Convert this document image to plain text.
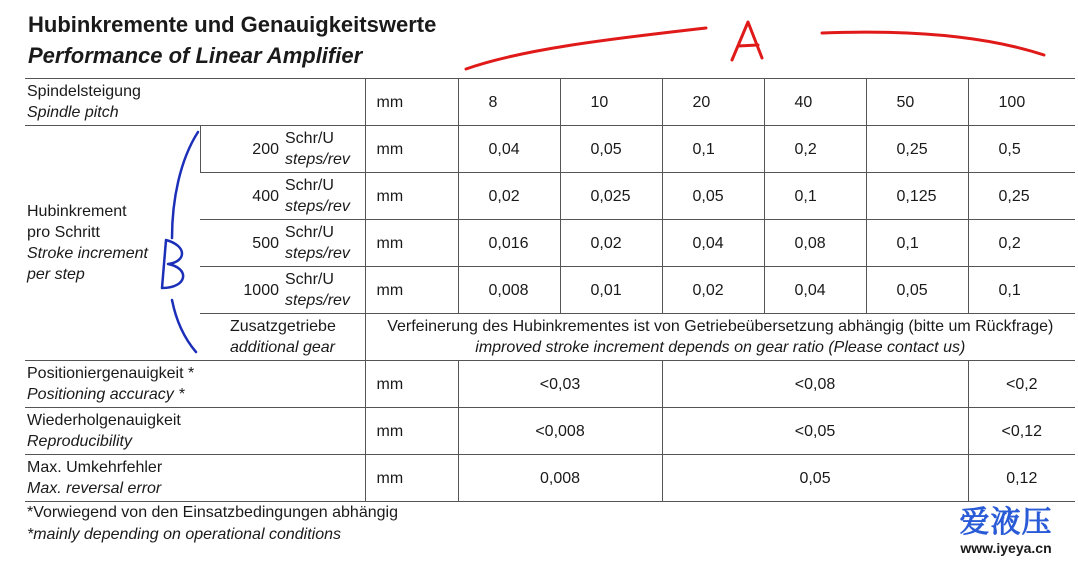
Hubinkremente und Genauigkeitswerte
Performance of Linear Amplifier
Spindelsteigung
Spindle pitch			mm	8	10	20	40	50	100

Hubinkrement
pro Schritt
Stroke increment
per step	200	Schr/U
steps/rev	mm	0,04	0,05	0,1	0,2	0,25	0,5
	400	Schr/U
steps/rev	mm	0,02	0,025	0,05	0,1	0,125	0,25
	500	Schr/U
steps/rev	mm	0,016	0,02	0,04	0,08	0,1	0,2
	1000	Schr/U
steps/rev	mm	0,008	0,01	0,02	0,04	0,05	0,1

	Zusatzgetriebe
additional gear		Verfeinerung des Hubinkrementes ist von Getriebeübersetzung abhängig (bitte um Rückfrage)
improved stroke increment depends on gear ratio (Please contact us)						

Positioniergenauigkeit *
Positioning accuracy *			mm	<0,03		<0,08			<0,2

Wiederholgenauigkeit
Reproducibility			mm	<0,008		<0,05			<0,12

Max. Umkehrfehler
Max. reversal error			mm	0,008		0,05			0,12

*Vorwiegend von den Einsatzbedingungen abhängig

*mainly depending on operational conditions	爱液压
www.iyeya.cn
